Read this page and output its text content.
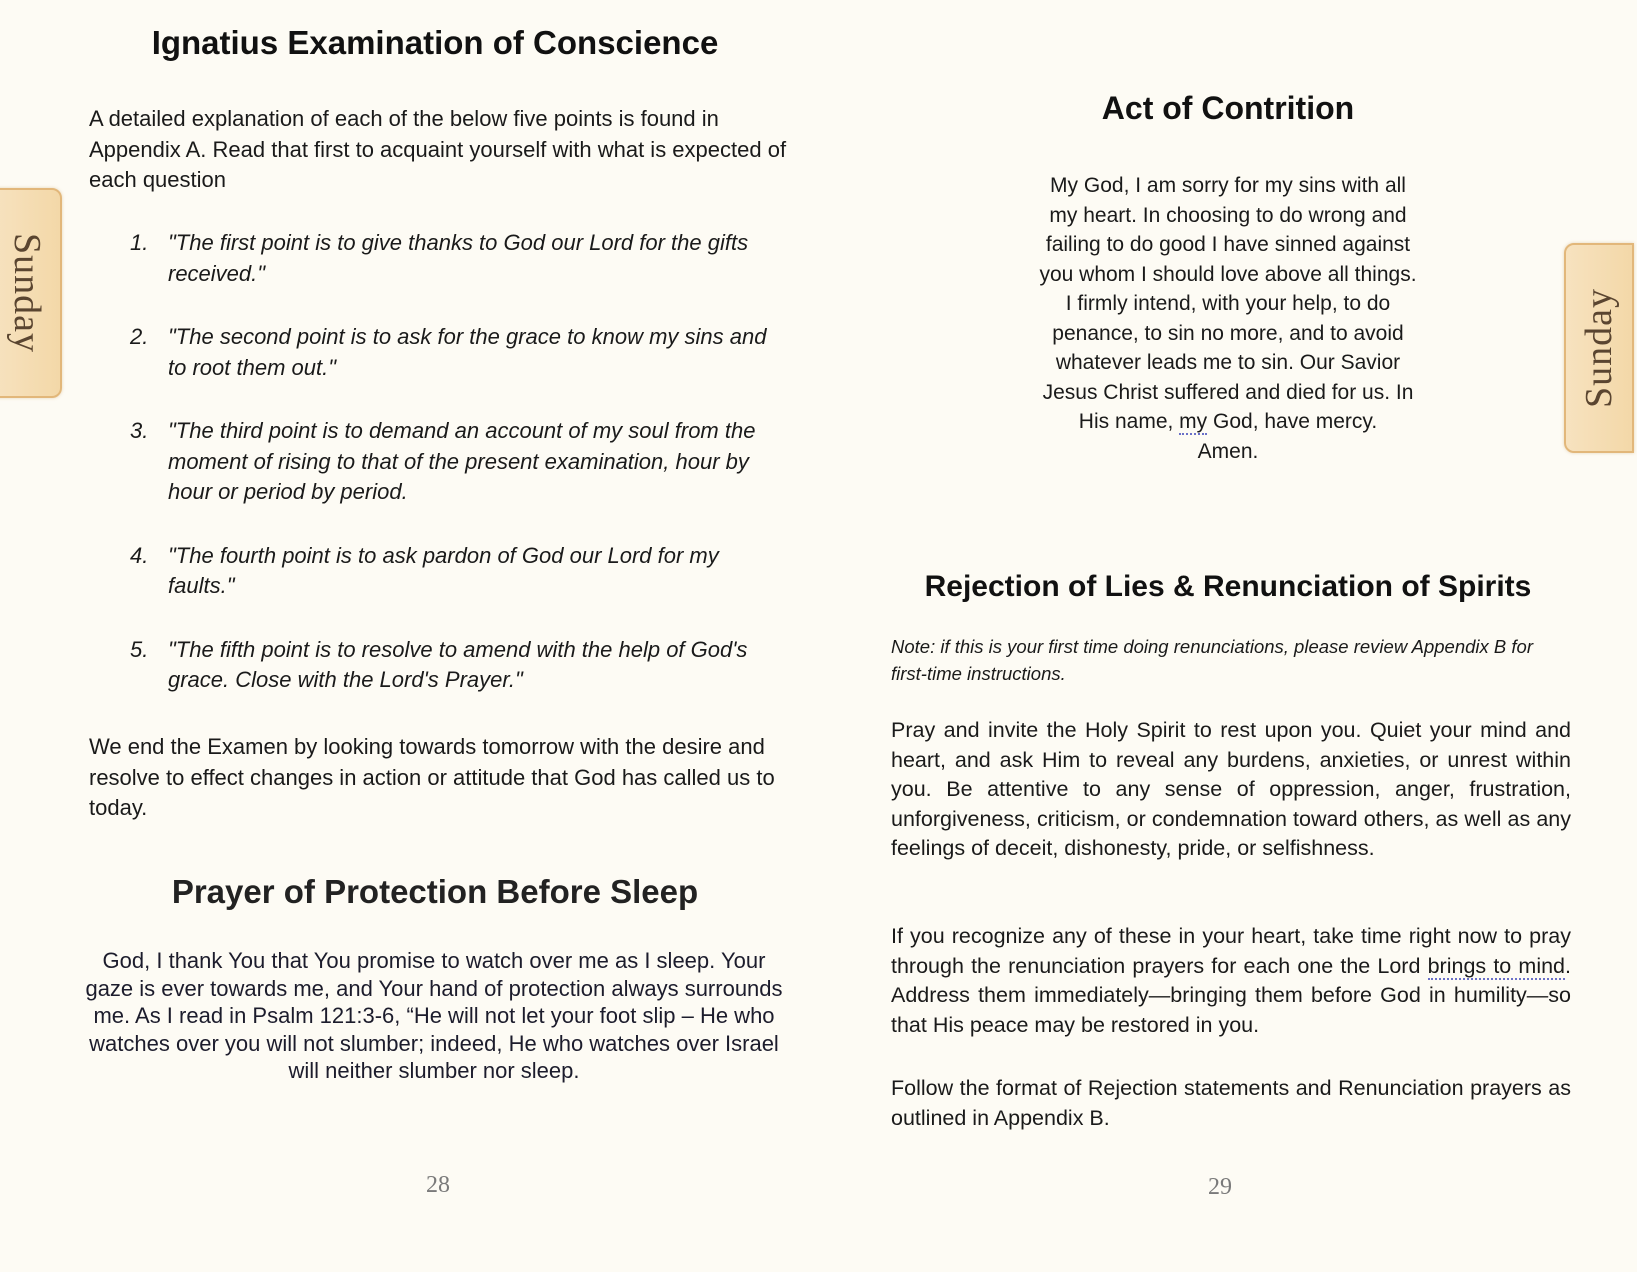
Sunday
Ignatius Examination of Conscience

A detailed explanation of each of the below five points is found in Appendix A. Read that first to acquaint yourself with what is expected of each question

1. "The first point is to give thanks to God our Lord for the gifts received."
2. "The second point is to ask for the grace to know my sins and to root them out."
3. "The third point is to demand an account of my soul from the moment of rising to that of the present examination, hour by hour or period by period.
4. "The fourth point is to ask pardon of God our Lord for my faults."
5. "The fifth point is to resolve to amend with the help of God's grace. Close with the Lord's Prayer."

We end the Examen by looking towards tomorrow with the desire and resolve to effect changes in action or attitude that God has called us to today.

Prayer of Protection Before Sleep

God, I thank You that You promise to watch over me as I sleep. Your gaze is ever towards me, and Your hand of protection always surrounds me. As I read in Psalm 121:3-6, “He will not let your foot slip – He who watches over you will not slumber; indeed, He who watches over Israel will neither slumber nor sleep.

28
Sunday
Act of Contrition

My God, I am sorry for my sins with all my heart. In choosing to do wrong and failing to do good I have sinned against you whom I should love above all things. I firmly intend, with your help, to do penance, to sin no more, and to avoid whatever leads me to sin. Our Savior Jesus Christ suffered and died for us. In His name, my God, have mercy.
Amen.

Rejection of Lies & Renunciation of Spirits

Note: if this is your first time doing renunciations, please review Appendix B for first-time instructions.

Pray and invite the Holy Spirit to rest upon you. Quiet your mind and heart, and ask Him to reveal any burdens, anxieties, or unrest within you. Be attentive to any sense of oppression, anger, frustration, unforgiveness, criticism, or condemnation toward others, as well as any feelings of deceit, dishonesty, pride, or selfishness.

If you recognize any of these in your heart, take time right now to pray through the renunciation prayers for each one the Lord brings to mind. Address them immediately—bringing them before God in humility—so that His peace may be restored in you.

Follow the format of Rejection statements and Renunciation prayers as outlined in Appendix B.

29
